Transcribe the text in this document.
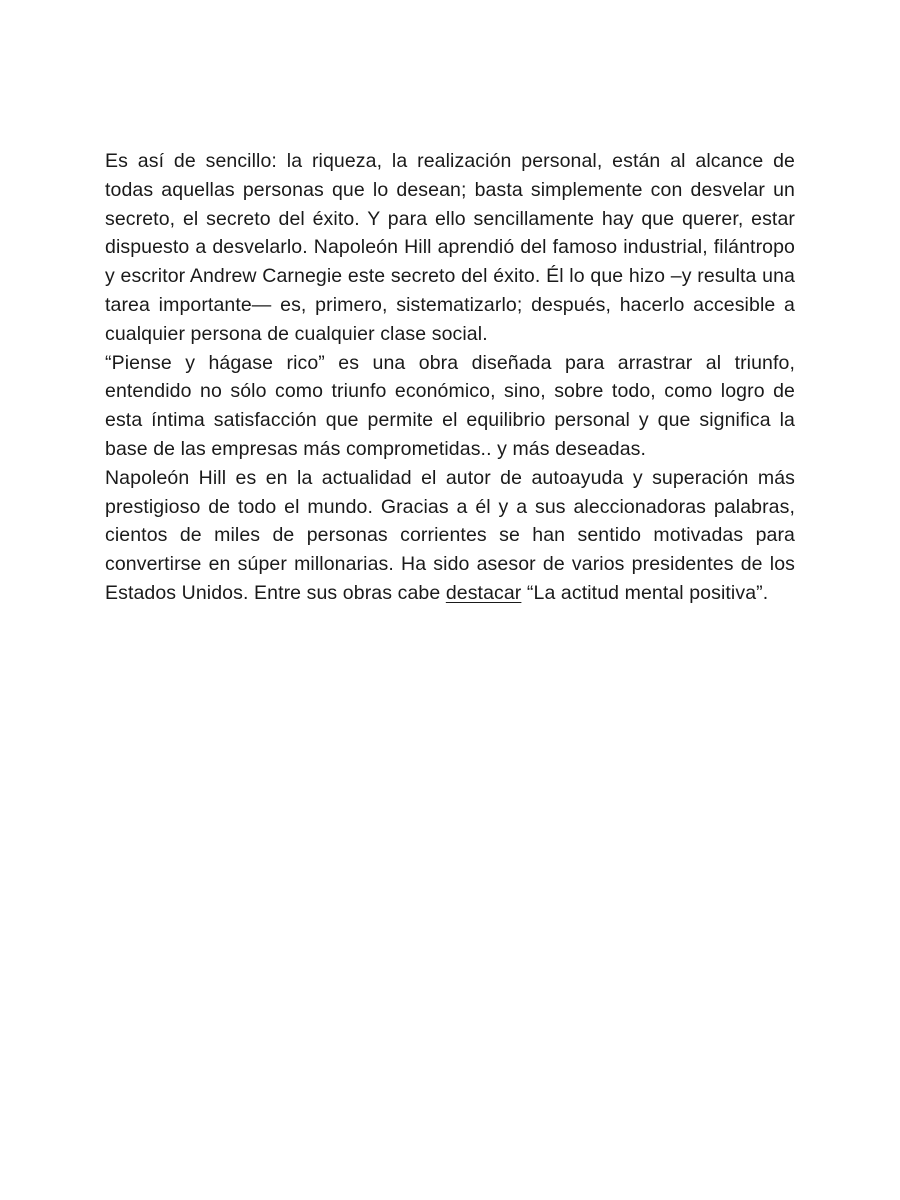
Es así de sencillo: la riqueza, la realización personal, están al alcance de todas aquellas personas que lo desean; basta simplemente con desvelar un secreto, el secreto del éxito. Y para ello sencillamente hay que querer, estar dispuesto a desvelarlo. Napoleón Hill aprendió del famoso industrial, filántropo y escritor Andrew Carnegie este secreto del éxito. Él lo que hizo –y resulta una tarea importante— es, primero, sistematizarlo; después, hacerlo accesible a cualquier persona de cualquier clase social.

“Piense y hágase rico” es una obra diseñada para arrastrar al triunfo, entendido no sólo como triunfo económico, sino, sobre todo, como logro de esta íntima satisfacción que permite el equilibrio personal y que significa la base de las empresas más comprometidas.. y más deseadas.

Napoleón Hill es en la actualidad el autor de autoayuda y superación más prestigioso de todo el mundo. Gracias a él y a sus aleccionadoras palabras, cientos de miles de personas corrientes se han sentido motivadas para convertirse en súper millonarias. Ha sido asesor de varios presidentes de los Estados Unidos. Entre sus obras cabe destacar “La actitud mental positiva”.
